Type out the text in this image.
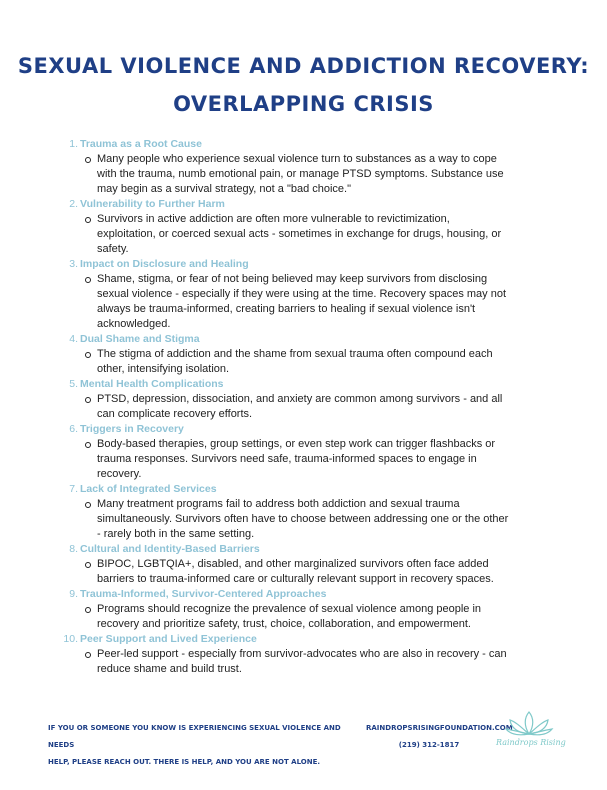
SEXUAL VIOLENCE AND ADDICTION RECOVERY:
OVERLAPPING CRISIS
1. Trauma as a Root Cause
Many people who experience sexual violence turn to substances as a way to cope
with the trauma, numb emotional pain, or manage PTSD symptoms. Substance use
may begin as a survival strategy, not a "bad choice."
2. Vulnerability to Further Harm
Survivors in active addiction are often more vulnerable to revictimization,
exploitation, or coerced sexual acts - sometimes in exchange for drugs, housing, or
safety.
3. Impact on Disclosure and Healing
Shame, stigma, or fear of not being believed may keep survivors from disclosing
sexual violence - especially if they were using at the time. Recovery spaces may not
always be trauma-informed, creating barriers to healing if sexual violence isn't
acknowledged.
4. Dual Shame and Stigma
The stigma of addiction and the shame from sexual trauma often compound each
other, intensifying isolation.
5. Mental Health Complications
PTSD, depression, dissociation, and anxiety are common among survivors - and all
can complicate recovery efforts.
6. Triggers in Recovery
Body-based therapies, group settings, or even step work can trigger flashbacks or
trauma responses. Survivors need safe, trauma-informed spaces to engage in
recovery.
7. Lack of Integrated Services
Many treatment programs fail to address both addiction and sexual trauma
simultaneously. Survivors often have to choose between addressing one or the other
- rarely both in the same setting.
8. Cultural and Identity-Based Barriers
BIPOC, LGBTQIA+, disabled, and other marginalized survivors often face added
barriers to trauma-informed care or culturally relevant support in recovery spaces.
9. Trauma-Informed, Survivor-Centered Approaches
Programs should recognize the prevalence of sexual violence among people in
recovery and prioritize safety, trust, choice, collaboration, and empowerment.
10. Peer Support and Lived Experience
Peer-led support - especially from survivor-advocates who are also in recovery - can
reduce shame and build trust.
IF YOU OR SOMEONE YOU KNOW IS EXPERIENCING SEXUAL VIOLENCE AND NEEDS
HELP, PLEASE REACH OUT. THERE IS HELP, AND YOU ARE NOT ALONE.
RAINDROPSRISINGFOUNDATION.COM
(219) 312-1817	Raindrops Rising
